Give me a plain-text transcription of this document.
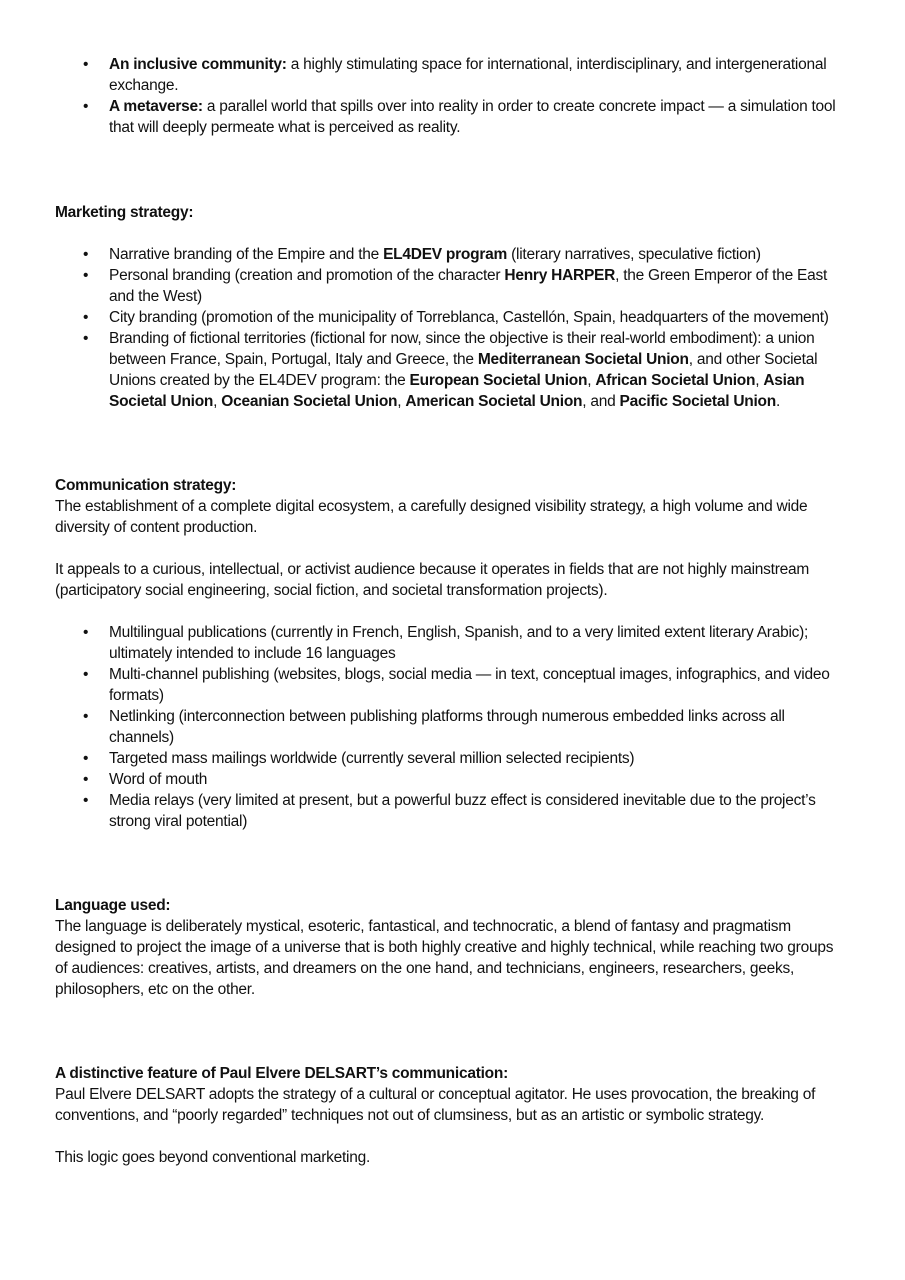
• An inclusive community: a highly stimulating space for international, interdisciplinary, and intergenerational exchange.
• A metaverse: a parallel world that spills over into reality in order to create concrete impact — a simulation tool that will deeply permeate what is perceived as reality.

Marketing strategy:

• Narrative branding of the Empire and the EL4DEV program (literary narratives, speculative fiction)
• Personal branding (creation and promotion of the character Henry HARPER, the Green Emperor of the East and the West)
• City branding (promotion of the municipality of Torreblanca, Castellón, Spain, headquarters of the movement)
• Branding of fictional territories (fictional for now, since the objective is their real-world embodiment): a union between France, Spain, Portugal, Italy and Greece, the Mediterranean Societal Union, and other Societal Unions created by the EL4DEV program: the European Societal Union, African Societal Union, Asian Societal Union, Oceanian Societal Union, American Societal Union, and Pacific Societal Union.

Communication strategy:

The establishment of a complete digital ecosystem, a carefully designed visibility strategy, a high volume and wide diversity of content production.

It appeals to a curious, intellectual, or activist audience because it operates in fields that are not highly mainstream (participatory social engineering, social fiction, and societal transformation projects).

• Multilingual publications (currently in French, English, Spanish, and to a very limited extent literary Arabic); ultimately intended to include 16 languages
• Multi-channel publishing (websites, blogs, social media — in text, conceptual images, infographics, and video formats)
• Netlinking (interconnection between publishing platforms through numerous embedded links across all channels)
• Targeted mass mailings worldwide (currently several million selected recipients)
• Word of mouth
• Media relays (very limited at present, but a powerful buzz effect is considered inevitable due to the project’s strong viral potential)

Language used:

The language is deliberately mystical, esoteric, fantastical, and technocratic, a blend of fantasy and pragmatism designed to project the image of a universe that is both highly creative and highly technical, while reaching two groups of audiences: creatives, artists, and dreamers on the one hand, and technicians, engineers, researchers, geeks, philosophers, etc on the other.

A distinctive feature of Paul Elvere DELSART’s communication:

Paul Elvere DELSART adopts the strategy of a cultural or conceptual agitator. He uses provocation, the breaking of conventions, and “poorly regarded” techniques not out of clumsiness, but as an artistic or symbolic strategy.

This logic goes beyond conventional marketing.
